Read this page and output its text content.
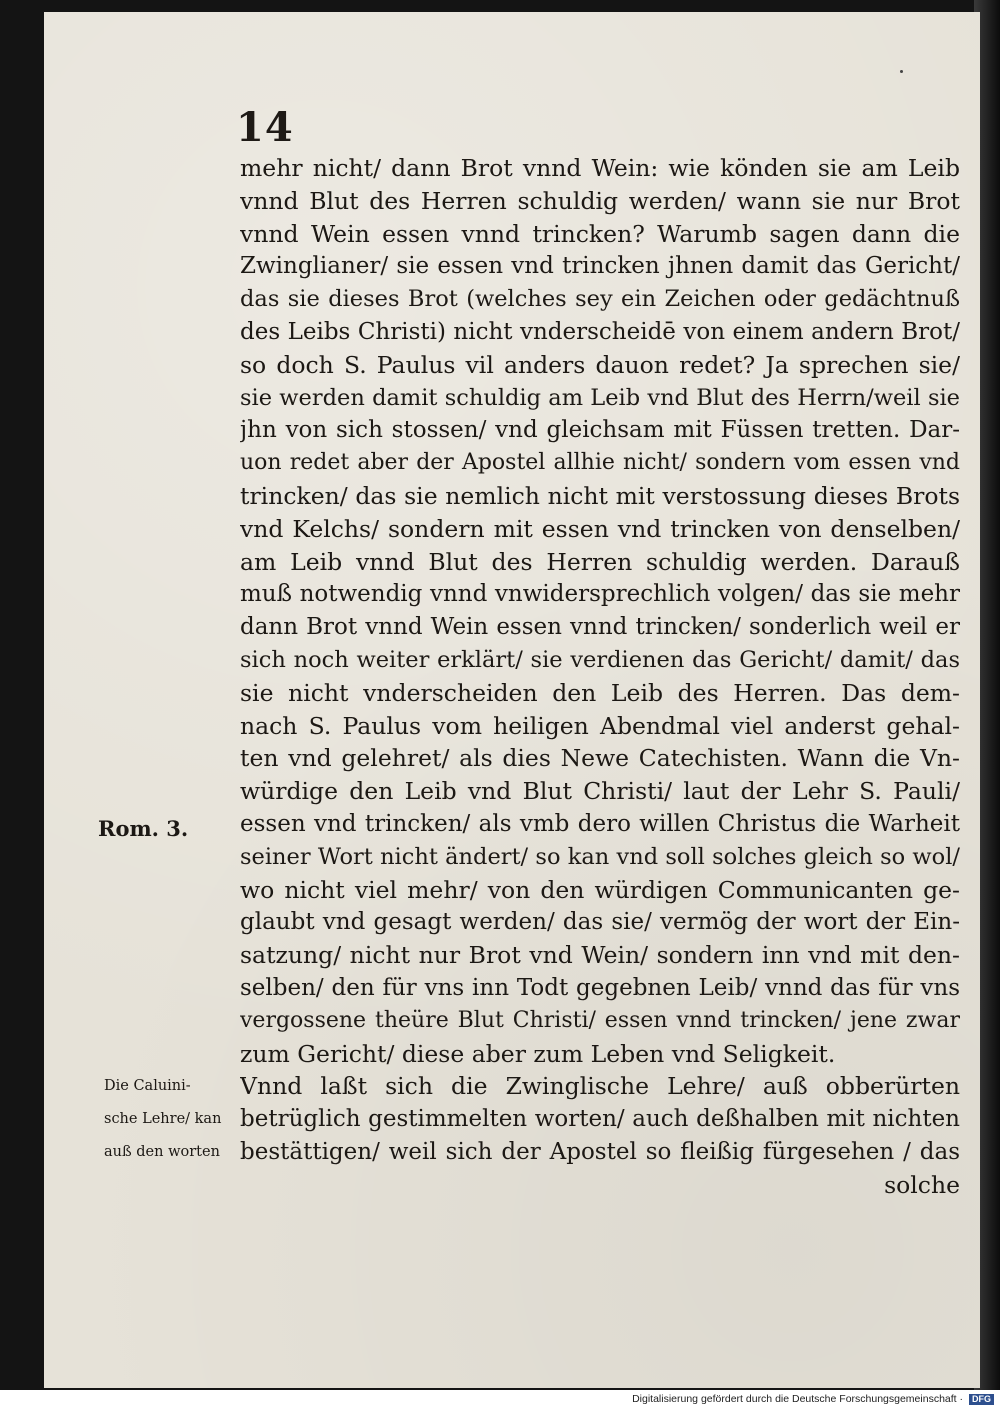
14
mehr nicht/ dann Brot vnnd Wein: wie könden sie am Leib
vnnd Blut des Herren schuldig werden/ wann sie nur Brot
vnnd Wein essen vnnd trincken? Warumb sagen dann die
Zwinglianer/ sie essen vnd trincken jhnen damit das Gericht/
das sie dieses Brot (welches sey ein Zeichen oder gedächtnuß
des Leibs Christi) nicht vnderscheidē von einem andern Brot/
so doch S. Paulus vil anders dauon redet? Ja sprechen sie/
sie werden damit schuldig am Leib vnd Blut des Herrn/weil sie
jhn von sich stossen/ vnd gleichsam mit Füssen tretten. Dar-
uon redet aber der Apostel allhie nicht/ sondern vom essen vnd
trincken/ das sie nemlich nicht mit verstossung dieses Brots
vnd Kelchs/ sondern mit essen vnd trincken von denselben/
am Leib vnnd Blut des Herren schuldig werden. Darauß
muß notwendig vnnd vnwidersprechlich volgen/ das sie mehr
dann Brot vnnd Wein essen vnnd trincken/ sonderlich weil er
sich noch weiter erklärt/ sie verdienen das Gericht/ damit/ das
sie nicht vnderscheiden den Leib des Herren. Das dem-
nach S. Paulus vom heiligen Abendmal viel anderst gehal-
ten vnd gelehret/ als dies Newe Catechisten. Wann die Vn-
würdige den Leib vnd Blut Christi/ laut der Lehr S. Pauli/
essen vnd trincken/ als vmb dero willen Christus die Warheit
seiner Wort nicht ändert/ so kan vnd soll solches gleich so wol/
wo nicht viel mehr/ von den würdigen Communicanten ge-
glaubt vnd gesagt werden/ das sie/ vermög der wort der Ein-
satzung/ nicht nur Brot vnd Wein/ sondern inn vnd mit den-
selben/ den für vns inn Todt gegebnen Leib/ vnnd das für vns
vergossene theüre Blut Christi/ essen vnnd trincken/ jene zwar
zum Gericht/ diese aber zum Leben vnd Seligkeit.
Vnnd laßt sich die Zwinglische Lehre/ auß obberürten
betrüglich gestimmelten worten/ auch deßhalben mit nichten
bestättigen/ weil sich der Apostel so fleißig fürgesehen / das
solche
Rom. 3.
Die Caluini-
sche Lehre/ kan
auß den worten
Digitalisierung gefördert durch die Deutsche Forschungsgemeinschaft ·	DFG
